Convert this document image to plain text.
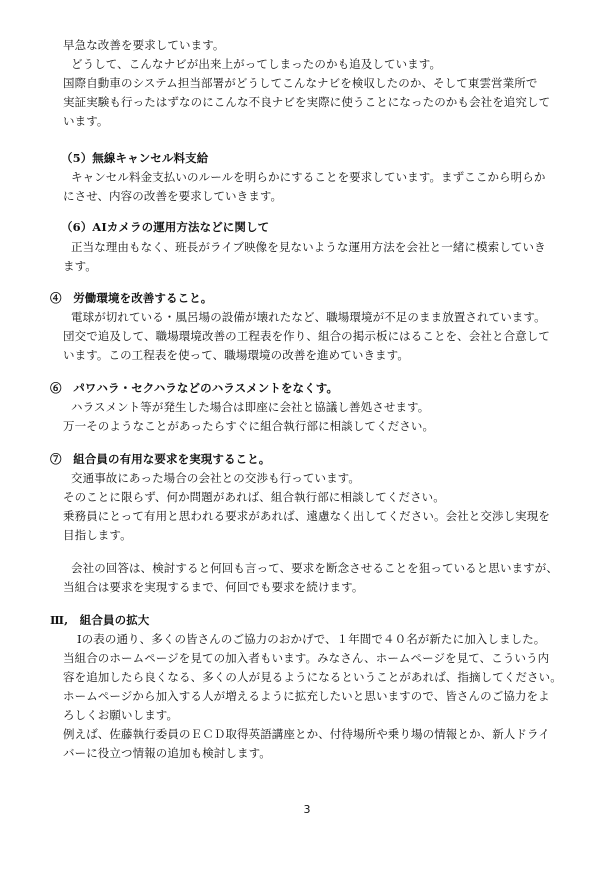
早急な改善を要求しています。

どうして、こんなナビが出来上がってしまったのかも追及しています。

国際自動車のシステム担当部署がどうしてこんなナビを検収したのか、そして東雲営業所で

実証実験も行ったはずなのにこんな不良ナビを実際に使うことになったのかも会社を追究して

います。

（5）無線キャンセル料支給

キャンセル料金支払いのルールを明らかにすることを要求しています。まずここから明らか

にさせ、内容の改善を要求していきます。

（6）AIカメラの運用方法などに関して

正当な理由もなく、班長がライブ映像を見ないような運用方法を会社と一緒に模索していき

ます。

④　労働環境を改善すること。

電球が切れている・風呂場の設備が壊れたなど、職場環境が不足のまま放置されています。

団交で追及して、職場環境改善の工程表を作り、組合の掲示板にはることを、会社と合意して

います。この工程表を使って、職場環境の改善を進めていきます。

⑥　パワハラ・セクハラなどのハラスメントをなくす。

ハラスメント等が発生した場合は即座に会社と協議し善処させます。

万一そのようなことがあったらすぐに組合執行部に相談してください。

⑦　組合員の有用な要求を実現すること。

交通事故にあった場合の会社との交渉も行っています。

そのことに限らず、何か問題があれば、組合執行部に相談してください。

乗務員にとって有用と思われる要求があれば、遠慮なく出してください。会社と交渉し実現を

目指します。

会社の回答は、検討すると何回も言って、要求を断念させることを狙っていると思いますが、

当組合は要求を実現するまで、何回でも要求を続けます。

Ⅲ,　組合員の拡大

Ⅰの表の通り、多くの皆さんのご協力のおかげで、１年間で４０名が新たに加入しました。

当組合のホームページを見ての加入者もいます。みなさん、ホームページを見て、こういう内

容を追加したら良くなる、多くの人が見るようになるということがあれば、指摘してください。

ホームページから加入する人が増えるように拡充したいと思いますので、皆さんのご協力をよ

ろしくお願いします。

例えば、佐藤執行委員のＥＣＤ取得英語講座とか、付待場所や乗り場の情報とか、新人ドライ

バーに役立つ情報の追加も検討します。

3
